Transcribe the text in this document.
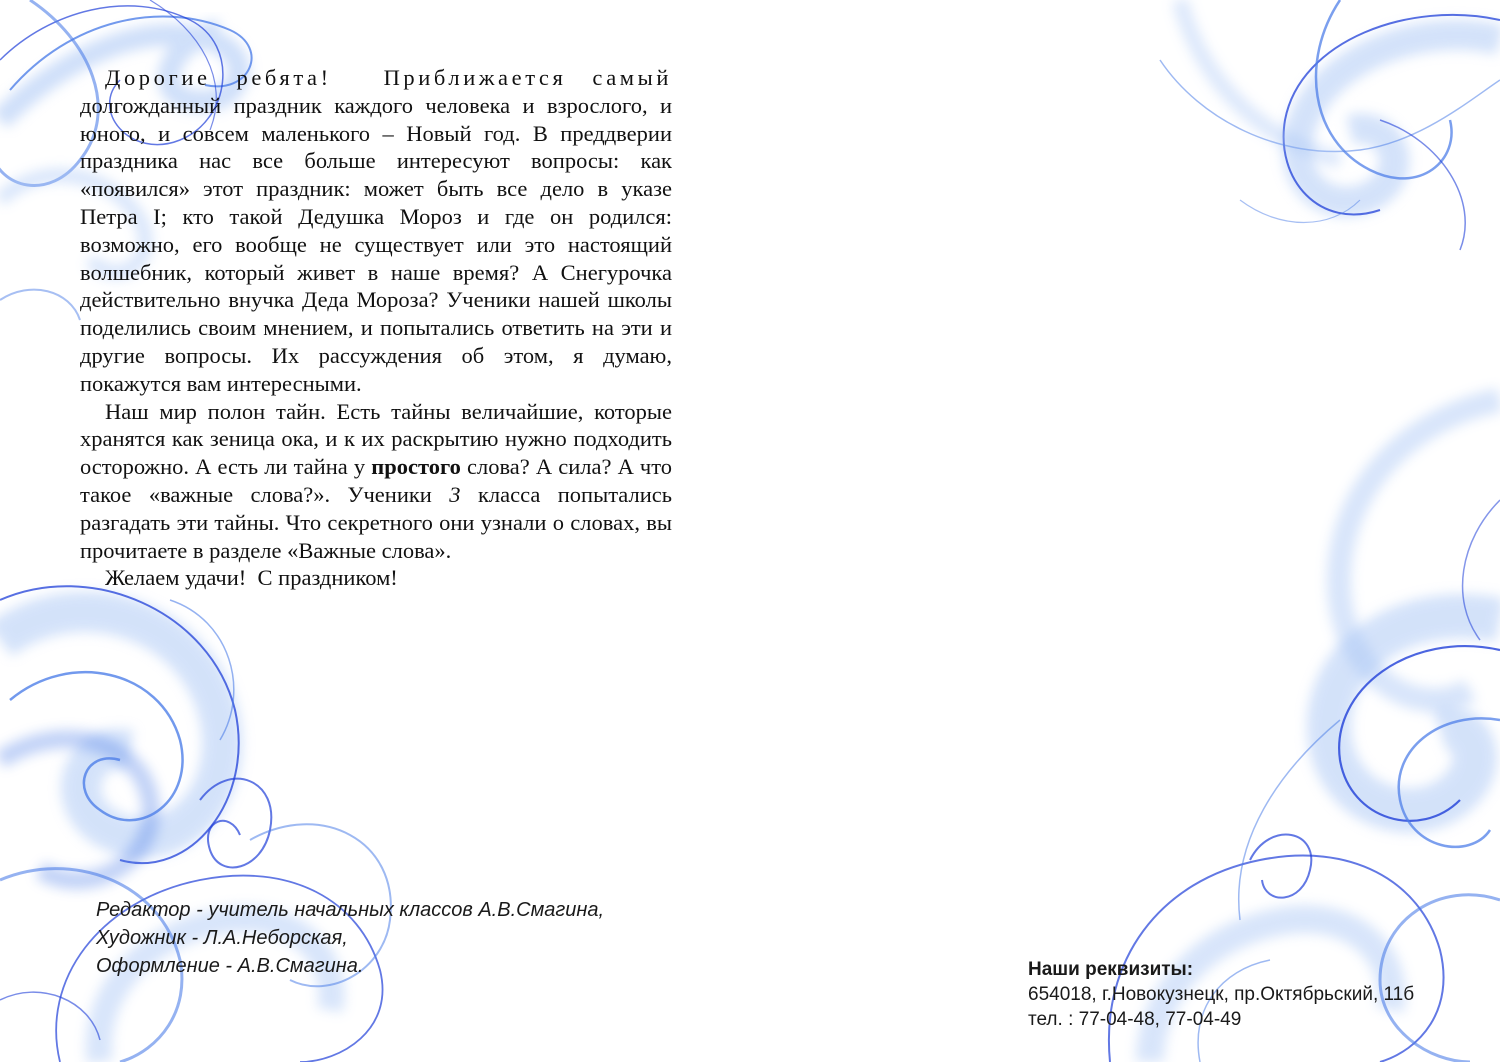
Дорогие ребята! Приближается самый долгожданный праздник каждого человека и взрослого, и юного, и совсем маленького – Новый год. В преддверии праздника нас все больше интересуют вопросы: как «появился» этот праздник: может быть все дело в указе Петра I; кто такой Дедушка Мороз и где он родился: возможно, его вообще не существует или это настоящий волшебник, который живет в наше время? А Снегурочка действительно внучка Деда Мороза? Ученики нашей школы поделились своим мнением, и попытались ответить на эти и другие вопросы. Их рассуждения об этом, я думаю, покажутся вам интересными.

Наш мир полон тайн. Есть тайны величайшие, которые хранятся как зеница ока, и к их раскрытию нужно подходить осторожно. А есть ли тайна у простого слова? А сила? А что такое «важные слова?». Ученики 3 класса попытались разгадать эти тайны. Что секретного они узнали о словах, вы прочитаете в разделе «Важные слова».

Желаем удачи!  С праздником!

Редактор - учитель начальных классов А.В.Смагина,
Художник - Л.А.Неборская,
Оформление - А.В.Смагина.	Наши реквизиты:
654018, г.Новокузнецк, пр.Октябрьский, 11б
тел. : 77-04-48, 77-04-49
